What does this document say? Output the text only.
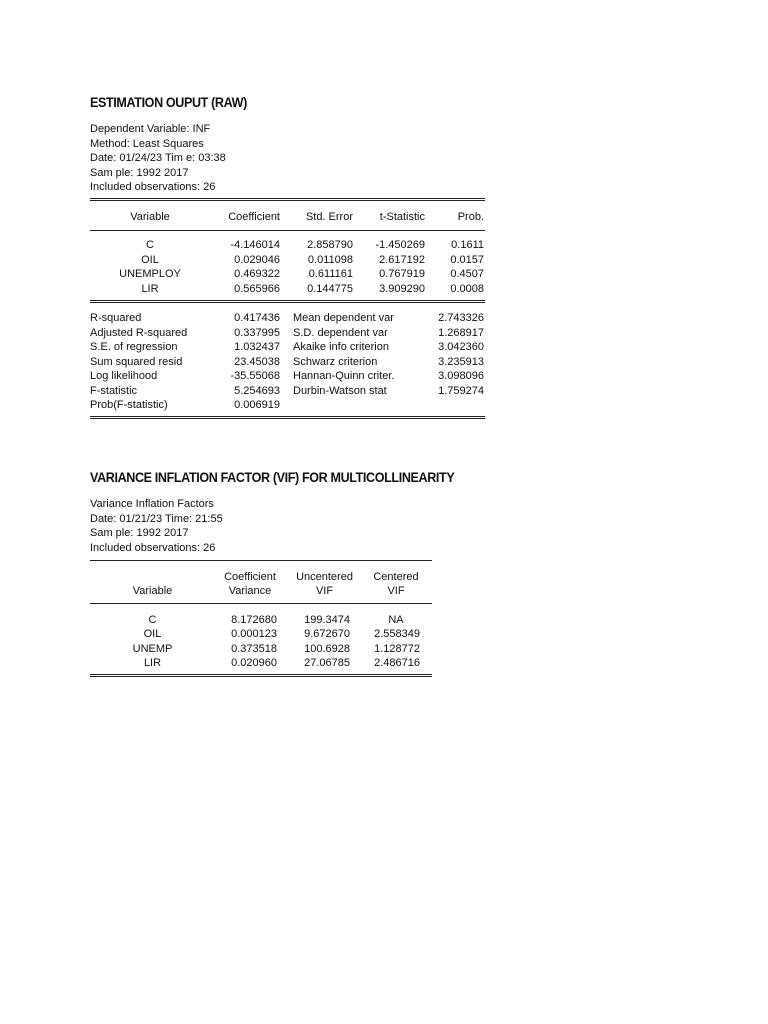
ESTIMATION OUPUT (RAW)
Dependent Variable: INF
Method: Least Squares
Date: 01/24/23 Tim e: 03:38
Sam ple: 1992 2017
Included observations: 26
Variable	Coefficient	Std. Error	t-Statistic	Prob.
C	-4.146014	2.858790	-1.450269	0.1611
OIL	0.029046	0.011098	2.617192	0.0157
UNEMPLOY	0.469322	0.611161	0.767919	0.4507
LIR	0.565966	0.144775	3.909290	0.0008
R-squared	0.417436 Mean dependent var	2.743326
Adjusted R-squared	0.337995 S.D. dependent var	1.268917
S.E. of regression	1.032437 Akaike info criterion	3.042360
Sum squared resid	23.45038 Schwarz criterion	3.235913
Log likelihood	-35.55068 Hannan-Quinn criter.	3.098096
F-statistic	5.254693 Durbin-Watson stat	1.759274
Prob(F-statistic)	0.006919
VARIANCE INFLATION FACTOR (VIF) FOR MULTICOLLINEARITY
Variance Inflation Factors
Date: 01/21/23 Time: 21:55
Sam ple: 1992 2017
Included observations: 26
Coefficient	Uncentered	Centered
Variable	Variance	VIF	VIF
C	8.172680	199.3474	NA
OIL	0.000123	9.672670	2.558349
UNEMP	0.373518	100.6928	1.128772
LIR	0.020960	27.06785	2.486716
